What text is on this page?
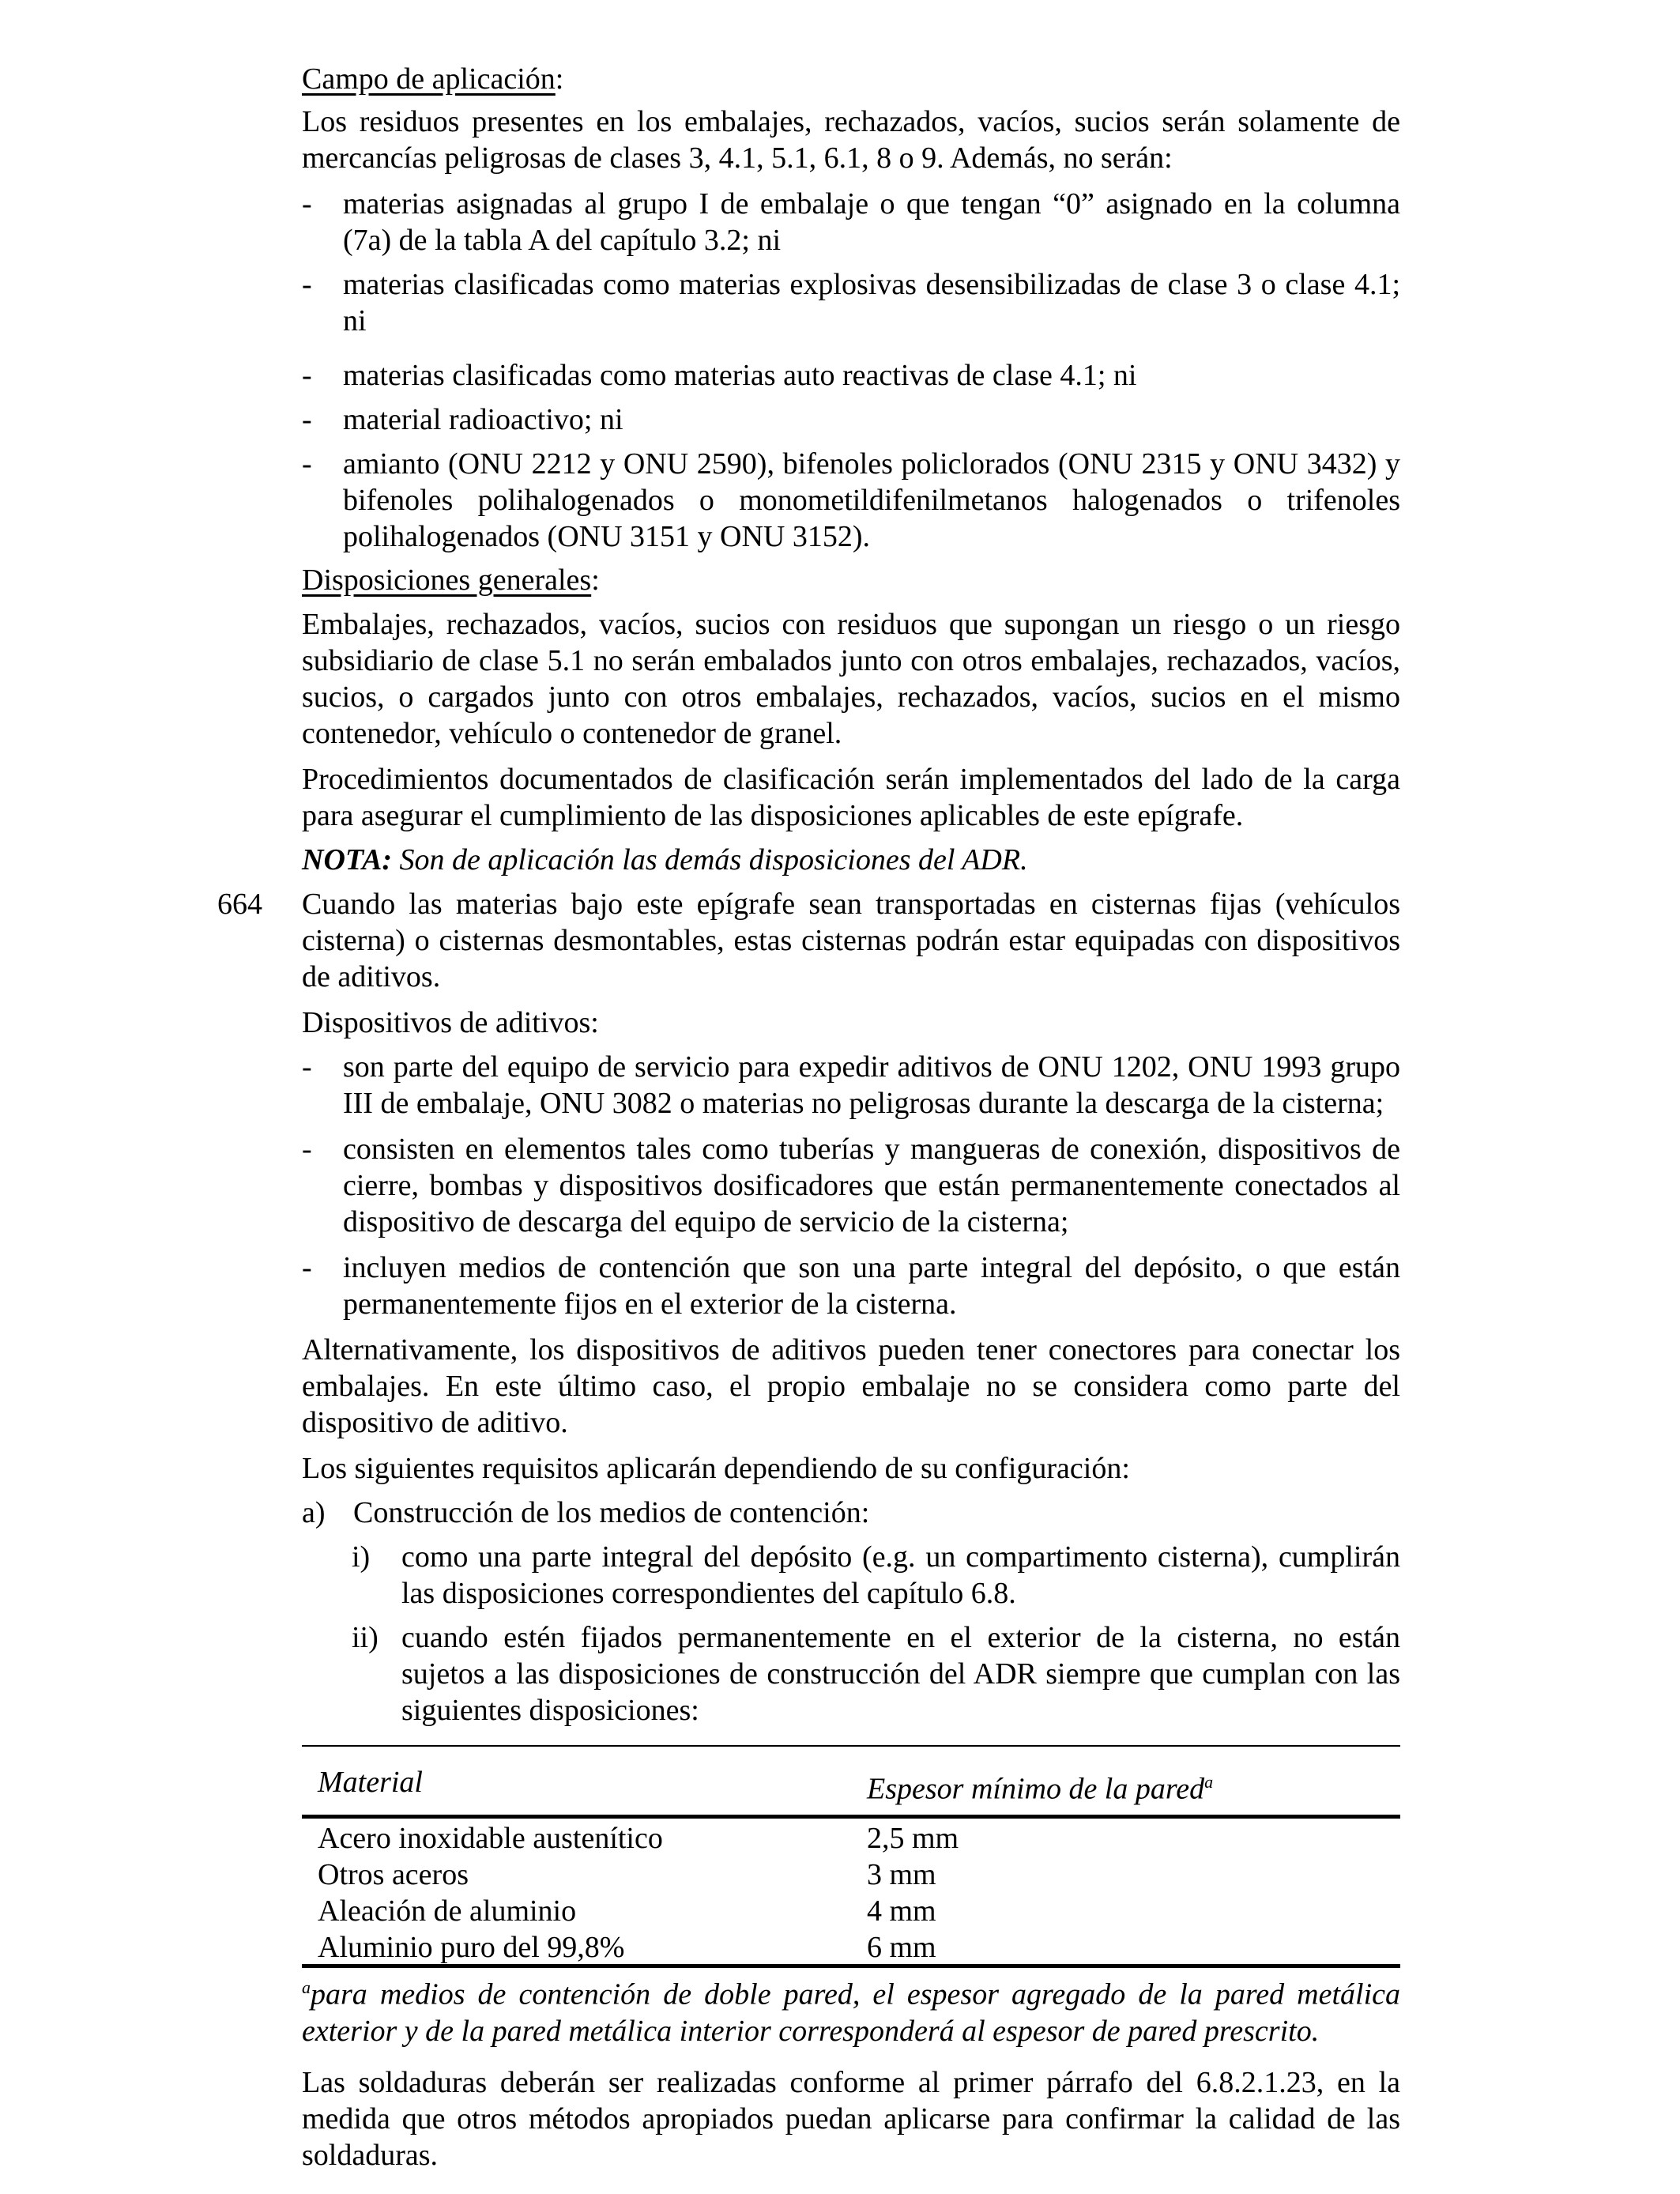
Campo de aplicación:

Los residuos presentes en los embalajes, rechazados, vacíos, sucios serán solamente de mercancías peligrosas de clases 3, 4.1, 5.1, 6.1, 8 o 9. Además, no serán:

- materias asignadas al grupo I de embalaje o que tengan “0” asignado en la columna (7a) de la tabla A del capítulo 3.2; ni
- materias clasificadas como materias explosivas desensibilizadas de clase 3 o clase 4.1; ni
- materias clasificadas como materias auto reactivas de clase 4.1; ni
- material radioactivo; ni
- amianto (ONU 2212 y ONU 2590), bifenoles policlorados (ONU 2315 y ONU 3432) y bifenoles polihalogenados o monometildifenilmetanos halogenados o trifenoles polihalogenados (ONU 3151 y ONU 3152).

Disposiciones generales:

Embalajes, rechazados, vacíos, sucios con residuos que supongan un riesgo o un riesgo subsidiario de clase 5.1 no serán embalados junto con otros embalajes, rechazados, vacíos, sucios, o cargados junto con otros embalajes, rechazados, vacíos, sucios en el mismo contenedor, vehículo o contenedor de granel.

Procedimientos documentados de clasificación serán implementados del lado de la carga para asegurar el cumplimiento de las disposiciones aplicables de este epígrafe.

NOTA: Son de aplicación las demás disposiciones del ADR.

664 Cuando las materias bajo este epígrafe sean transportadas en cisternas fijas (vehículos cisterna) o cisternas desmontables, estas cisternas podrán estar equipadas con dispositivos de aditivos.

Dispositivos de aditivos:

- son parte del equipo de servicio para expedir aditivos de ONU 1202, ONU 1993 grupo III de embalaje, ONU 3082 o materias no peligrosas durante la descarga de la cisterna;
- consisten en elementos tales como tuberías y mangueras de conexión, dispositivos de cierre, bombas y dispositivos dosificadores que están permanentemente conectados al dispositivo de descarga del equipo de servicio de la cisterna;
- incluyen medios de contención que son una parte integral del depósito, o que están permanentemente fijos en el exterior de la cisterna.

Alternativamente, los dispositivos de aditivos pueden tener conectores para conectar los embalajes. En este último caso, el propio embalaje no se considera como parte del dispositivo de aditivo.

Los siguientes requisitos aplicarán dependiendo de su configuración:

a) Construcción de los medios de contención:
i) como una parte integral del depósito (e.g. un compartimento cisterna), cumplirán las disposiciones correspondientes del capítulo 6.8.
ii) cuando estén fijados permanentemente en el exterior de la cisterna, no están sujetos a las disposiciones de construcción del ADR siempre que cumplan con las siguientes disposiciones:
Material	Espesor mínimo de la pared$^a$
Acero inoxidable austenítico	2,5 mm
Otros aceros	3 mm
Aleación de aluminio	4 mm
Aluminio puro del 99,8%	6 mm

$^a$para medios de contención de doble pared, el espesor agregado de la pared metálica exterior y de la pared metálica interior corresponderá al espesor de pared prescrito.

Las soldaduras deberán ser realizadas conforme al primer párrafo del 6.8.2.1.23, en la medida que otros métodos apropiados puedan aplicarse para confirmar la calidad de las soldaduras.
